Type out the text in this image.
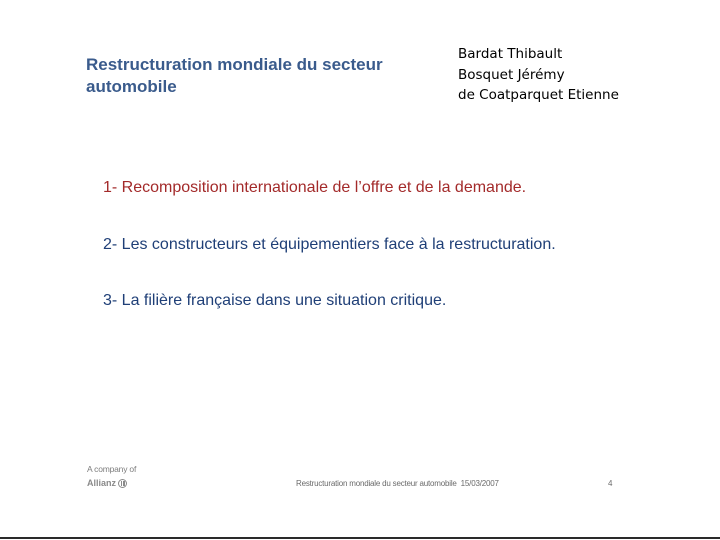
Restructuration mondiale du secteur
automobile
Bardat Thibault
Bosquet Jérémy
de Coatparquet Etienne
1- Recomposition internationale de l’offre et de la demande.
2- Les constructeurs et équipementiers face à la restructuration.
3- La filière française dans une situation critique.
A company of
Allianz	Restructuration mondiale du secteur automobile 15/03/2007	4
